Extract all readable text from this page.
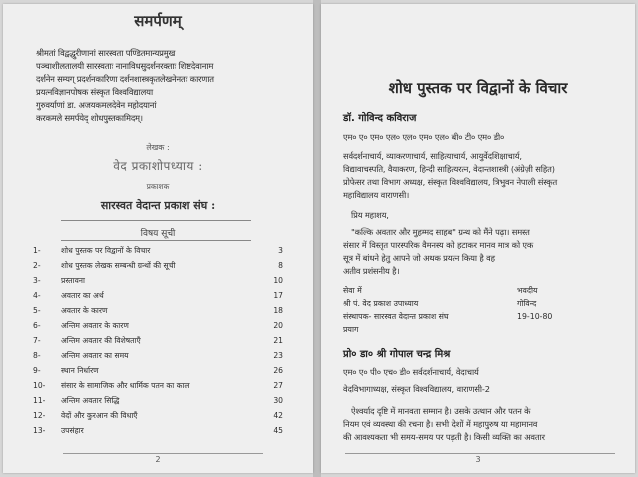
समर्पणम्

श्रीमतां विद्वद्धुरीणानां सारस्वता पण्डितमान्यप्रमुख

पञ्चाशीलतालयी सारस्वताः नानाविधसुदर्शनरक्ताः शिष्टदेवानाम

दर्शनेन सम्यग् प्रदर्शनकारिणा दर्शनशास्त्रकृतलेखनेनतः कारणात

प्रयत्नविज्ञानपोषक संस्कृत विश्वविद्यालया

गुरुवर्याणां डा. अजयकमलदेवेन महोदयानां

करकमले समर्पयेद् शोधपुस्तकामिदम्।

लेखक :

वेद प्रकाशोपध्याय :

प्रकाशक

सारस्वत वेदान्त प्रकाश संघ :

विषय सूची

1-	शोध पुस्तक पर विद्वानों के विचार	3
2-	शोध पुस्तक लेखक सम्बन्धी ग्रन्थों की सूची	8
3-	प्रस्तावना	10
4-	अवतार का अर्थ	17
5-	अवतार के कारण	18
6-	अन्तिम अवतार के कारण	20
7-	अन्तिम अवतार की विशेषताएँ	21
8-	अन्तिम अवतार का समय	23
9-	स्थान निर्धारण	26
10- संसार के सामाजिक और धार्मिक पतन का काल	27
11- अन्तिम अवतार सिद्धि	30
12- वेदों और कुरआन की विधाएँ	42
13- उपसंहार	45

2

शोध पुस्तक पर विद्वानों के विचार

डॉ. गोविन्द कविराज

एम० ए० एम० एल० एल० एम० एल० बी० टी० एम० डी०

सर्वदर्शनाचार्य, व्याकरणाचार्य, साहित्याचार्य, आयुर्वेदशिक्षाचार्य,

विद्यावाचस्पति, वैयाकरण, हिन्दी साहित्यरत्न, वेदान्तशास्त्री (अंग्रेज़ी सहित)

प्रोफेसर तथा विभाग अध्यक्ष, संस्कृत विश्वविद्यालय, त्रिभुवन नेपाली संस्कृत

महाविद्यालय वाराणसी।

प्रिय महाशय,

"कल्कि अवतार और मुहम्मद साहब" ग्रन्थ को मैंने पढ़ा। समस्त

संसार में विस्तृत पारस्परिक वैमनस्य को हटाकर मानव मात्र को एक

सूत्र में बांधने हेतु आपने जो अथक प्रयत्न किया है वह

अतीव प्रशंसनीय है।

सेवा में
श्री पं. वेद प्रकाश उपाध्याय
संस्थापक- सारस्वत वेदान्त प्रकाश संघ
प्रयाग
भवदीय
गोविन्द
19-10-80

प्रो० डा० श्री गोपाल चन्द्र मिश्र

एम० ए० पी० एच० डी० सर्वदर्शनाचार्य, वेदाचार्य

वेदविभागाध्यक्ष, संस्कृत विश्वविद्यालय, वाराणसी-2

ऐश्वर्याद दृष्टि में मानवता सम्मान है। उसके उत्थान और पतन के

नियम एवं व्यवस्था की रचना है। सभी देशों में महापुरुष या महामानव

की आवश्यकता भी समय-समय पर पड़ती है। किसी व्यक्ति का अवतार

3
